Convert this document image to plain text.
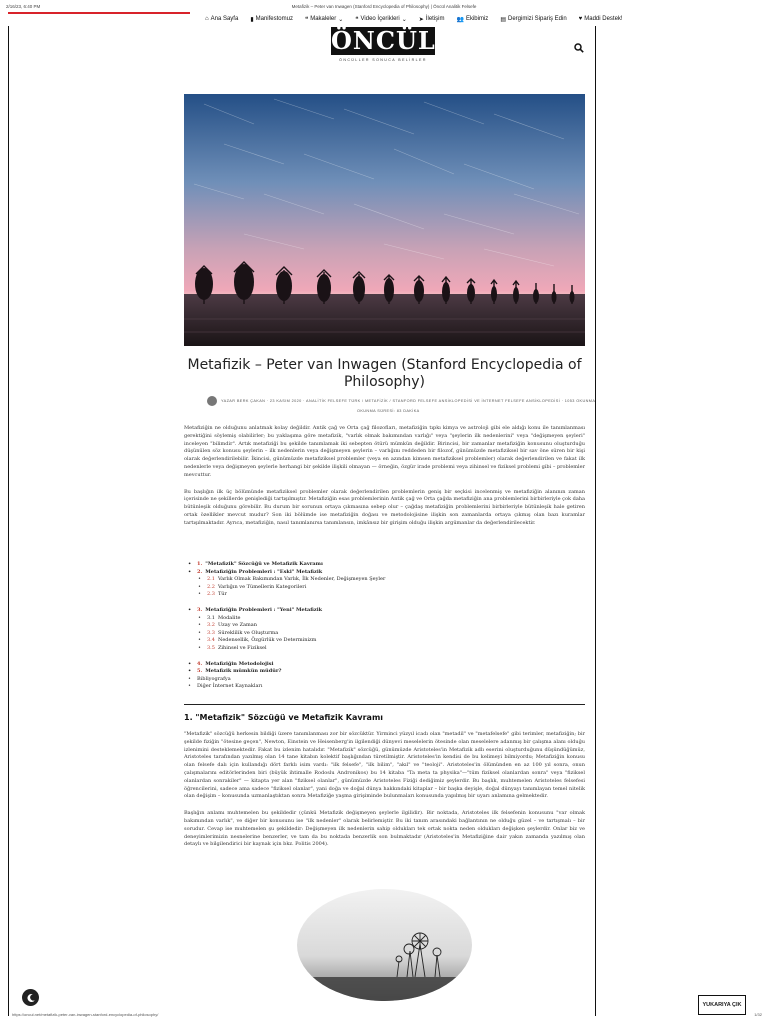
2/16/23, 6:40 PM	Metafizik – Peter van Inwagen (Stanford Encyclopedia of Philosophy) | Öncül Analitik Felsefe
⌂ Ana Sayfa ▮ Manifestomuz ❝ Makaleler ⌄ ❝ Video İçerikleri ⌄ ➤ İletişim 👥 Ekibimiz ▤ Dergimizi Sipariş Edin ♥ Maddi Destek!
ÖNCÜL
ÖNCÜLLER SONUCA BELİRLER
Metafizik – Peter van Inwagen (Stanford Encyclopedia of Philosophy)
YAZAR BERK ÇAKAN · 23 KASIM 2020 · ANALİTİK FELSEFE TÜRK / METAFİZİK / STANFORD FELSEFE ANSİKLOPEDİSİ VE İNTERNET FELSEFE ANSİKLOPEDİSİ · 1053 OKUNMA
OKUNMA SÜRESİ: 83 DAKİKA

Metafiziğin ne olduğunu anlatmak kolay değildir. Antik çağ ve Orta çağ filozofları, metafiziğin tıpkı kimya ve astroloji gibi ele aldığı konu ile tanımlanması gerektiğini söylemiş olabilirler; bu yaklaşıma göre metafizik, "varlık olmak bakımından varlığı" veya "şeylerin ilk nedenlerini" veya "değişmeyen şeyleri" inceleyen "bilimdir". Artık metafiziği bu şekilde tanımlamak iki sebepten ötürü mümkün değildir. Birincisi, bir zamanlar metafiziğin konusunu oluşturduğu düşünülen söz konusu şeylerin – ilk nedenlerin veya değişmeyen şeylerin – varlığını reddeden bir filozof, günümüzde metafiziksel bir sav öne süren bir kişi olarak değerlendirilebilir. İkincisi, günümüzde metafiziksel problemler (veya en azından kimsen metafiziksel problemler) olarak değerlendirilen ve fakat ilk nedenlerle veya değişmeyen şeylerle herhangi bir şekilde ilişkili olmayan — örneğin, özgür irade problemi veya zihinsel ve fiziksel problemi gibi – problemler mevcuttur.

Bu başlığın ilk üç bölümünde metafiziksel problemler olarak değerlendirilen problemlerin geniş bir seçkisi incelenmiş ve metafiziğin alanının zaman içerisinde ne şekillerde genişlediği tartışılmıştır. Metafiziğin esas problemlerinin Antik çağ ve Orta çağda metafiziğin ana problemlerini birbirleriyle çok daha bütünleşik olduğunu görebilir. Bu durum bir sorunun ortaya çıkmasına sebep olur – çağdaş metafiziğin problemlerini birbirleriyle bütünleşik hale getiren ortak özellikler mevcut mudur? Son iki bölümde ise metafiziğin doğası ve metodolojisine ilişkin son zamanlarda ortaya çıkmış olan bazı kuramlar tartışılmaktadır. Ayrıca, metafiziğin, nasıl tanımlanırsa tanımlansın, imkânsız bir girişim olduğu ilişkin argümanlar da değerlendirilecektir.

•	1. "Metafizik" Sözcüğü ve Metafizik Kavramı
•	2. Metafiziğin Problemleri : "Eski" Metafizik
•	2.1 Varlık Olmak Bakımından Varlık, İlk Nedenler, Değişmeyen Şeyler
•	2.2 Varlığın ve Tümellerin Kategorileri
•	2.3 Tür
•	3. Metafiziğin Problemleri : "Yeni" Metafizik
•	3.1 Modalite
•	3.2 Uzay ve Zaman
•	3.3 Süreklilik ve Oluşturma
•	3.4 Nedensellik, Özgürlük ve Determinizm
•	3.5 Zihinsel ve Fiziksel
•	4. Metafiziğin Metodolojisi
•	5. Metafizik mümkün müdür?
•	Bibliyografya
•	Diğer İnternet Kaynakları
1. "Metafizik" Sözcüğü ve Metafizik Kavramı

"Metafizik" sözcüğü herkesin bildiği üzere tanımlanması zor bir sözcüktür. Yirminci yüzyıl icadı olan "metadil" ve "metafelsefe" gibi terimler, metafiziğin; bir şekilde fiziğin "ötesine geçen", Newton, Einstein ve Heisenberg'in ilgilendiği dünyevi meselelerin ötesinde olan meselelere adanmış bir çalışma alanı olduğu izlenimini desteklemektedir. Fakat bu izlenim hatalıdır. "Metafizik" sözcüğü, günümüzde Aristoteles'in Metafizik adlı eserini oluşturduğunu düşündüğümüz, Aristoteles tarafından yazılmış olan 14 tane kitabın kolektif başlığından türetilmiştir. Aristoteles'in kendisi de bu kelimeyi bilmiyordu; Metafiziğin konusu olan felsefe dalı için kullandığı dört farklı isim vardı: "ilk felsefe", "ilk bilim", "akıl" ve "teoloji". Aristoteles'in ölümünden en az 100 yıl sonra, onun çalışmalarını editörlerinden biri (büyük ihtimalle Rodoslu Andronikos) bu 14 kitaba "Ta meta ta physika"—"tüm fiziksel olanlardan sonra" veya "fiziksel olanlardan sonrakiler" — kitapta yer alan "fiziksel olanlar", günümüzde Aristoteles Fiziği dediğimiz şeylerdir. Bu başlık, muhtemelen Aristoteles felsefesi öğrencilerini, sadece ama sadece "fiziksel olanlar", yani doğa ve doğal dünya hakkındaki kitaplar – bir başka deyişle, doğal dünyayı tanımlayan temel nitelik olan değişim – konusunda uzmanlaştıktan sonra Metafiziğe yaşma girişiminde bulunmaları konusunda yapılmış bir uyarı anlamına gelmektedir.

Başlığın anlamı muhtemelen bu şekildedir (çünkü Metafizik değişmeyen şeylerle ilgilidir). Bir noktada, Aristoteles ilk felsefenin konusunu "var olmak bakımından varlık", ve diğer bir konusunu ise "ilk nedenler" olarak belirlemiştir. Bu iki tanım arasındaki bağlantının ne olduğu güzel – ve tartışmalı – bir sorudur. Cevap ise muhtemelen şu şekildedir: Değişmeyen ilk nedenlerin sahip oldukları tek ortak nokta neden oldukları değişken şeylerdir. Onlar biz ve deneyimlerimizin nesnelerine benzerler, ve tam da bu noktada benzerlik son bulmaktadır (Aristoteles'in Metafiziğine dair yakın zamanda yazılmış olan detaylı ve bilgilendirici bir kaynak için bkz. Politis 2004).

YUKARIYA ÇIK
https://oncul.net/metafizik-peter-van-inwagen-stanford-encyclopedia-of-philosophy/	1/32
